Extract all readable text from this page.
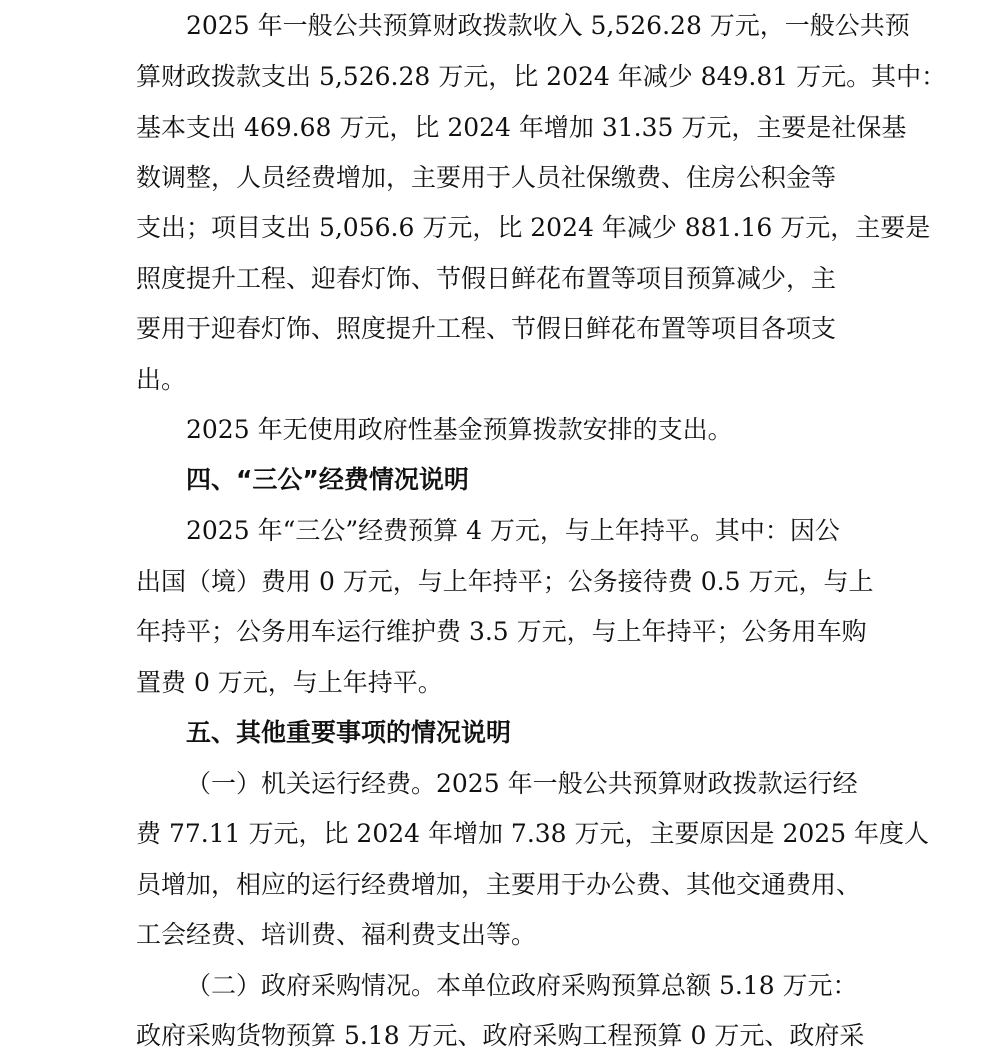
2025 年一般公共预算财政拨款收入 5,526.28 万元，一般公共预
算财政拨款支出 5,526.28 万元，比 2024 年减少 849.81 万元。其中：
基本支出 469.68 万元，比 2024 年增加 31.35 万元，主要是社保基
数调整，人员经费增加，主要用于人员社保缴费、住房公积金等
支出；项目支出 5,056.6 万元，比 2024 年减少 881.16 万元，主要是
照度提升工程、迎春灯饰、节假日鲜花布置等项目预算减少，主
要用于迎春灯饰、照度提升工程、节假日鲜花布置等项目各项支
出。
2025 年无使用政府性基金预算拨款安排的支出。
四、“三公”经费情况说明
2025 年“三公”经费预算 4 万元，与上年持平。其中：因公
出国（境）费用 0 万元，与上年持平；公务接待费 0.5 万元，与上
年持平；公务用车运行维护费 3.5 万元，与上年持平；公务用车购
置费 0 万元，与上年持平。
五、其他重要事项的情况说明
（一）机关运行经费。2025 年一般公共预算财政拨款运行经
费 77.11 万元，比 2024 年增加 7.38 万元，主要原因是 2025 年度人
员增加，相应的运行经费增加，主要用于办公费、其他交通费用、
工会经费、培训费、福利费支出等。
（二）政府采购情况。本单位政府采购预算总额 5.18 万元：
政府采购货物预算 5.18 万元、政府采购工程预算 0 万元、政府采
